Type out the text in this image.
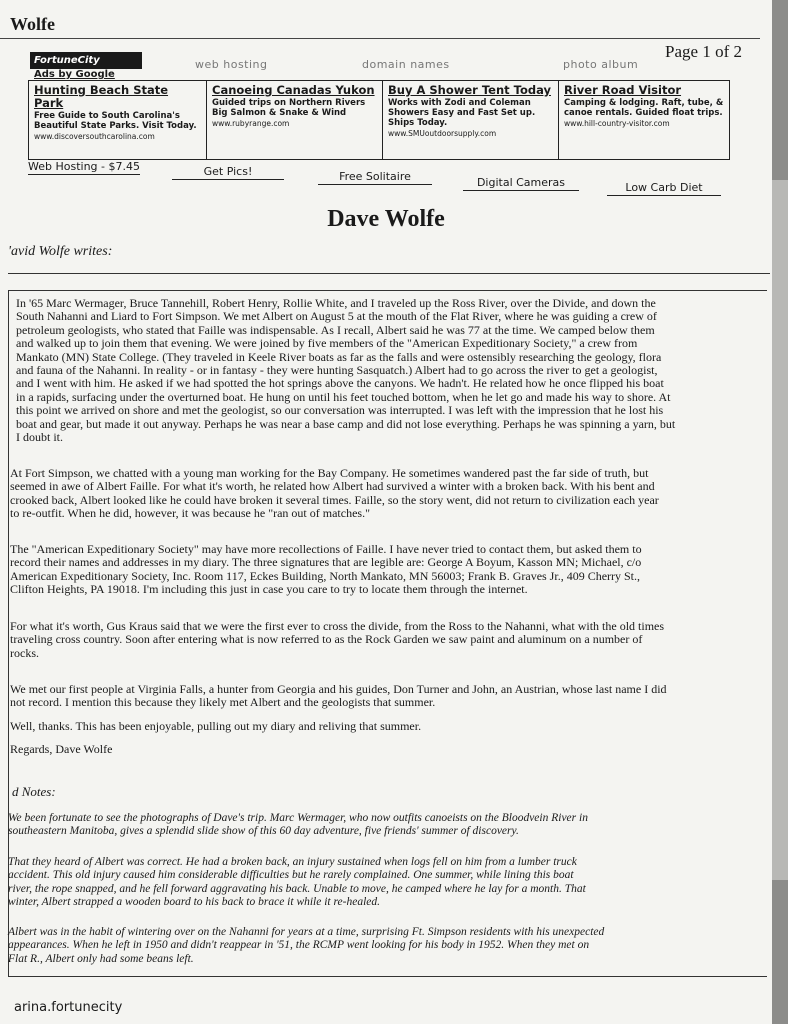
Wolfe
Page 1 of 2
FortuneCity	web hosting	domain names	photo album
Ads by Google
Hunting Beach State Park
Free Guide to South Carolina's Beautiful State Parks. Visit Today.
www.discoversouthcarolina.com
Canoeing Canadas Yukon
Guided trips on Northern Rivers Big Salmon & Snake & Wind
www.rubyrange.com
Buy A Shower Tent Today
Works with Zodi and Coleman Showers Easy and Fast Set up. Ships Today.
www.SMUoutdoorsupply.com
River Road Visitor
Camping & lodging. Raft, tube, & canoe rentals. Guided float trips.
www.hill-country-visitor.com
Web Hosting - $7.45	Get Pics!	Free Solitaire	Digital Cameras	Low Carb Diet
Dave Wolfe
'avid Wolfe writes:
In '65 Marc Wermager, Bruce Tannehill, Robert Henry, Rollie White, and I traveled up the Ross River, over the Divide, and down the
South Nahanni and Liard to Fort Simpson. We met Albert on August 5 at the mouth of the Flat River, where he was guiding a crew of
petroleum geologists, who stated that Faille was indispensable. As I recall, Albert said he was 77 at the time. We camped below them
and walked up to join them that evening. We were joined by five members of the "American Expeditionary Society," a crew from
Mankato (MN) State College. (They traveled in Keele River boats as far as the falls and were ostensibly researching the geology, flora
and fauna of the Nahanni. In reality - or in fantasy - they were hunting Sasquatch.) Albert had to go across the river to get a geologist,
and I went with him. He asked if we had spotted the hot springs above the canyons. We hadn't. He related how he once flipped his boat
in a rapids, surfacing under the overturned boat. He hung on until his feet touched bottom, when he let go and made his way to shore. At
this point we arrived on shore and met the geologist, so our conversation was interrupted. I was left with the impression that he lost his
boat and gear, but made it out anyway. Perhaps he was near a base camp and did not lose everything. Perhaps he was spinning a yarn, but
I doubt it.
At Fort Simpson, we chatted with a young man working for the Bay Company. He sometimes wandered past the far side of truth, but
seemed in awe of Albert Faille. For what it's worth, he related how Albert had survived a winter with a broken back. With his bent and
crooked back, Albert looked like he could have broken it several times. Faille, so the story went, did not return to civilization each year
to re-outfit. When he did, however, it was because he "ran out of matches."
The "American Expeditionary Society" may have more recollections of Faille. I have never tried to contact them, but asked them to
record their names and addresses in my diary. The three signatures that are legible are: George A Boyum, Kasson MN; Michael, c/o
American Expeditionary Society, Inc. Room 117, Eckes Building, North Mankato, MN 56003; Frank B. Graves Jr., 409 Cherry St.,
Clifton Heights, PA 19018. I'm including this just in case you care to try to locate them through the internet.
For what it's worth, Gus Kraus said that we were the first ever to cross the divide, from the Ross to the Nahanni, what with the old times
traveling cross country. Soon after entering what is now referred to as the Rock Garden we saw paint and aluminum on a number of
rocks.
We met our first people at Virginia Falls, a hunter from Georgia and his guides, Don Turner and John, an Austrian, whose last name I did
not record. I mention this because they likely met Albert and the geologists that summer.
Well, thanks. This has been enjoyable, pulling out my diary and reliving that summer.
Regards, Dave Wolfe
d Notes:
We been fortunate to see the photographs of Dave's trip. Marc Wermager, who now outfits canoeists on the Bloodvein River in
southeastern Manitoba, gives a splendid slide show of this 60 day adventure, five friends' summer of discovery.
That they heard of Albert was correct. He had a broken back, an injury sustained when logs fell on him from a lumber truck
accident. This old injury caused him considerable difficulties but he rarely complained. One summer, while lining this boat
river, the rope snapped, and he fell forward aggravating his back. Unable to move, he camped where he lay for a month. That
winter, Albert strapped a wooden board to his back to brace it while it re-healed.
Albert was in the habit of wintering over on the Nahanni for years at a time, surprising Ft. Simpson residents with his unexpected
appearances. When he left in 1950 and didn't reappear in '51, the RCMP went looking for his body in 1952. When they met on
Flat R., Albert only had some beans left.
arina.fortunecity
